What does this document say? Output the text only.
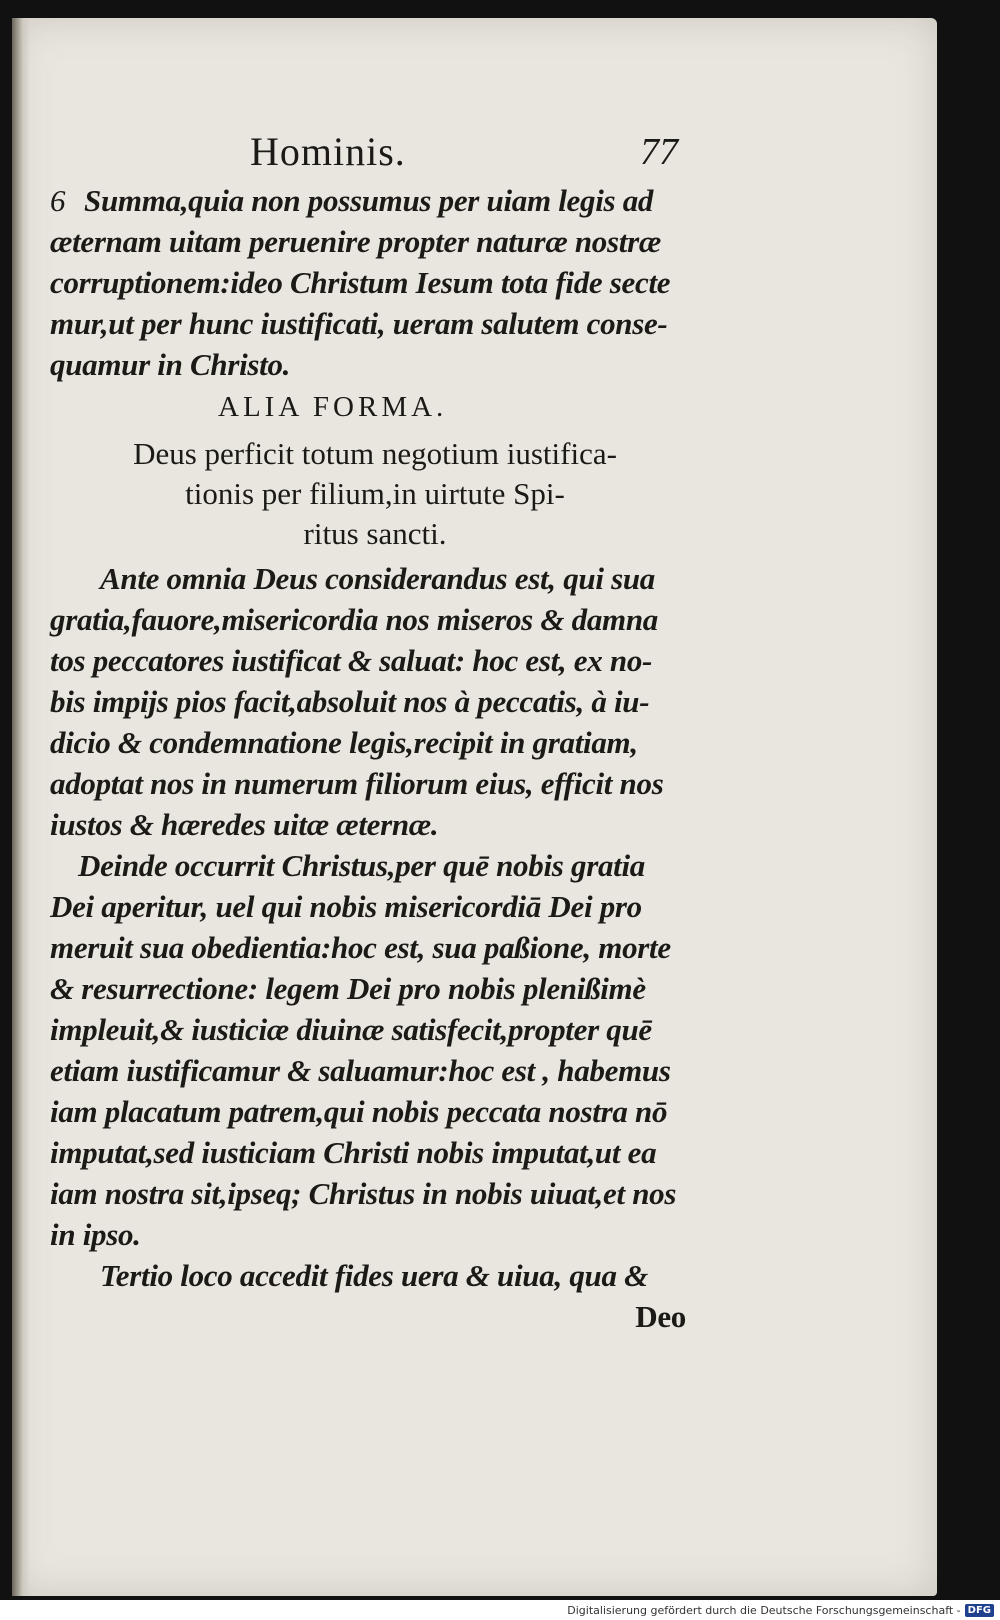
Hominis.	77

6 Summa,quia non possumus per uiam legis ad
æternam uitam peruenire propter naturæ nostræ
corruptionem:ideo Christum Iesum tota fide secte
mur,ut per hunc iustificati, ueram salutem conse-
quamur in Christo.

ALIA FORMA.

Deus perficit totum negotium iustifica-
tionis per filium,in uirtute Spi-
ritus sancti.

Ante omnia Deus considerandus est, qui sua
gratia,fauore,misericordia nos miseros & damna
tos peccatores iustificat & saluat: hoc est, ex no-
bis impijs pios facit,absoluit nos à peccatis, à iu-
dicio & condemnatione legis,recipit in gratiam,
adoptat nos in numerum filiorum eius, efficit nos
iustos & hæredes uitæ æternæ.

Deinde occurrit Christus,per quē nobis gratia
Dei aperitur, uel qui nobis misericordiā Dei pro
meruit sua obedientia:hoc est, sua paßione, morte
& resurrectione: legem Dei pro nobis plenißimè
impleuit,& iusticiæ diuinæ satisfecit,propter quē
etiam iustificamur & saluamur:hoc est , habemus
iam placatum patrem,qui nobis peccata nostra nō
imputat,sed iusticiam Christi nobis imputat,ut ea
iam nostra sit,ipseq; Christus in nobis uiuat,et nos
in ipso.

Tertio loco accedit fides uera & uiua, qua &
Deo

Digitalisierung gefördert durch die Deutsche Forschungsgemeinschaft - DFG
